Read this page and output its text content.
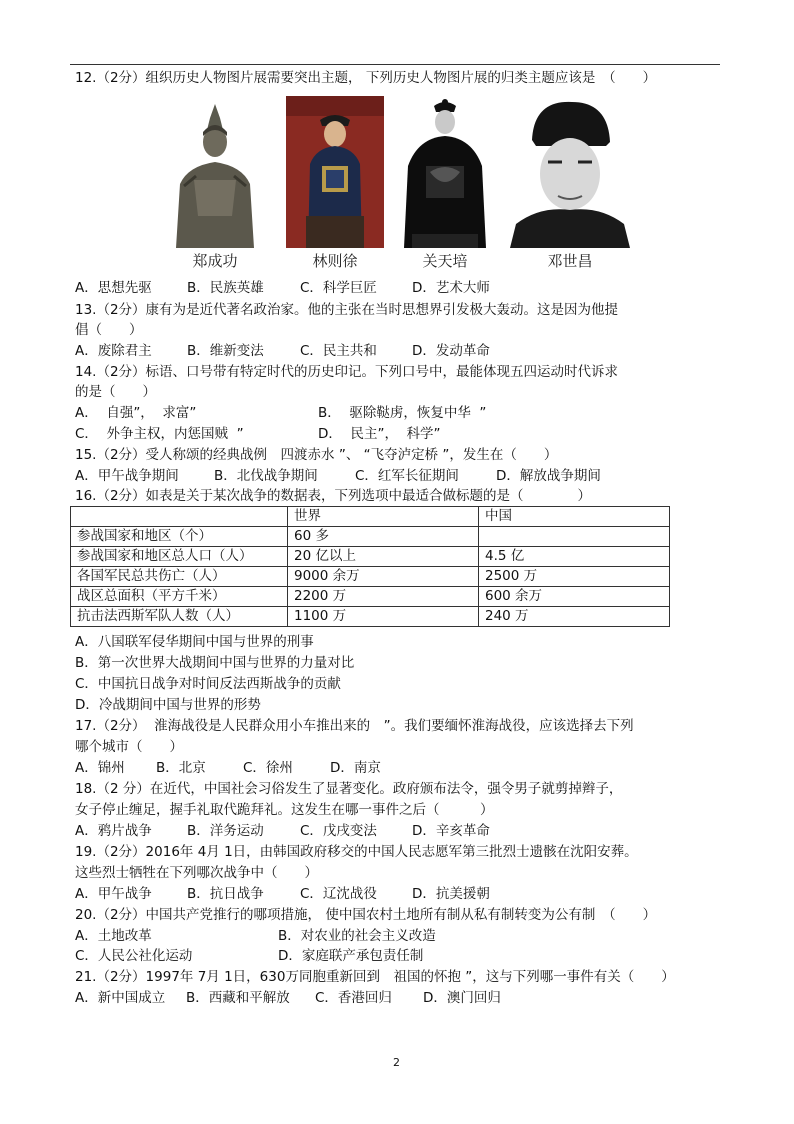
12.（2分）组织历史人物图片展需要突出主题， 下列历史人物图片展的归类主题应该是　（　　）
郑成功	林则徐	关天培	邓世昌
A．思想先驱	B．民族英雄	C．科学巨匠	D．艺术大师
13.（2分）康有为是近代著名政治家。他的主张在当时思想界引发极大轰动。这是因为他提
倡（　　）
A．废除君主	B．维新变法	C．民主共和	D．发动革命
14.（2分）标语、口号带有特定时代的历史印记。下列口号中，最能体现五四运动时代诉求
的是（　　）
A．  自强”，  求富”	B．  驱除鞑虏，恢复中华  ”
C．  外争主权，内惩国贼  ”	D．  民主”，  科学”
15.（2分）受人称颂的经典战例　四渡赤水 ”、 “飞夺泸定桥 ”，发生在（　　）
A．甲午战争期间	B．北伐战争期间	C．红军长征期间	D．解放战争期间
16.（2分）如表是关于某次战争的数据表，下列选项中最适合做标题的是（　　　　）
	世界	中国
参战国家和地区（个）	60 多	
参战国家和地区总人口（人）	20 亿以上	4.5 亿
各国军民总共伤亡（人）	9000 余万	2500 万
战区总面积（平方千米）	2200 万	600 余万
抗击法西斯军队人数（人）	1100 万	240 万
A．八国联军侵华期间中国与世界的刑事
B．第一次世界大战期间中国与世界的力量对比
C．中国抗日战争对时间反法西斯战争的贡献
D．冷战期间中国与世界的形势
17.（2分）  淮海战役是人民群众用小车推出来的　”。我们要缅怀淮海战役，应该选择去下列
哪个城市（　　）
A．锦州 B．北京	C．徐州	D．南京
18.（2 分）在近代，中国社会习俗发生了显著变化。政府颁布法令，强令男子就剪掉辫子，
女子停止缠足，握手礼取代跪拜礼。这发生在哪一事件之后（　　　）
A．鸦片战争	B．洋务运动	C．戊戌变法	D．辛亥革命
19.（2分）2016年 4月 1日，由韩国政府移交的中国人民志愿军第三批烈士遗骸在沈阳安葬。
这些烈士牺牲在下列哪次战争中（　　）
A．甲午战争	B．抗日战争	C．辽沈战役	D．抗美援朝
20.（2分）中国共产党推行的哪项措施， 使中国农村土地所有制从私有制转变为公有制　（　　）
A．土地改革	B．对农业的社会主义改造
C．人民公社化运动	D．家庭联产承包责任制
21.（2分）1997年 7月 1日，630万同胞重新回到　祖国的怀抱 ”，这与下列哪一事件有关（　　）
A．新中国成立 B．西藏和平解放 C．香港回归 D．澳门回归
2
